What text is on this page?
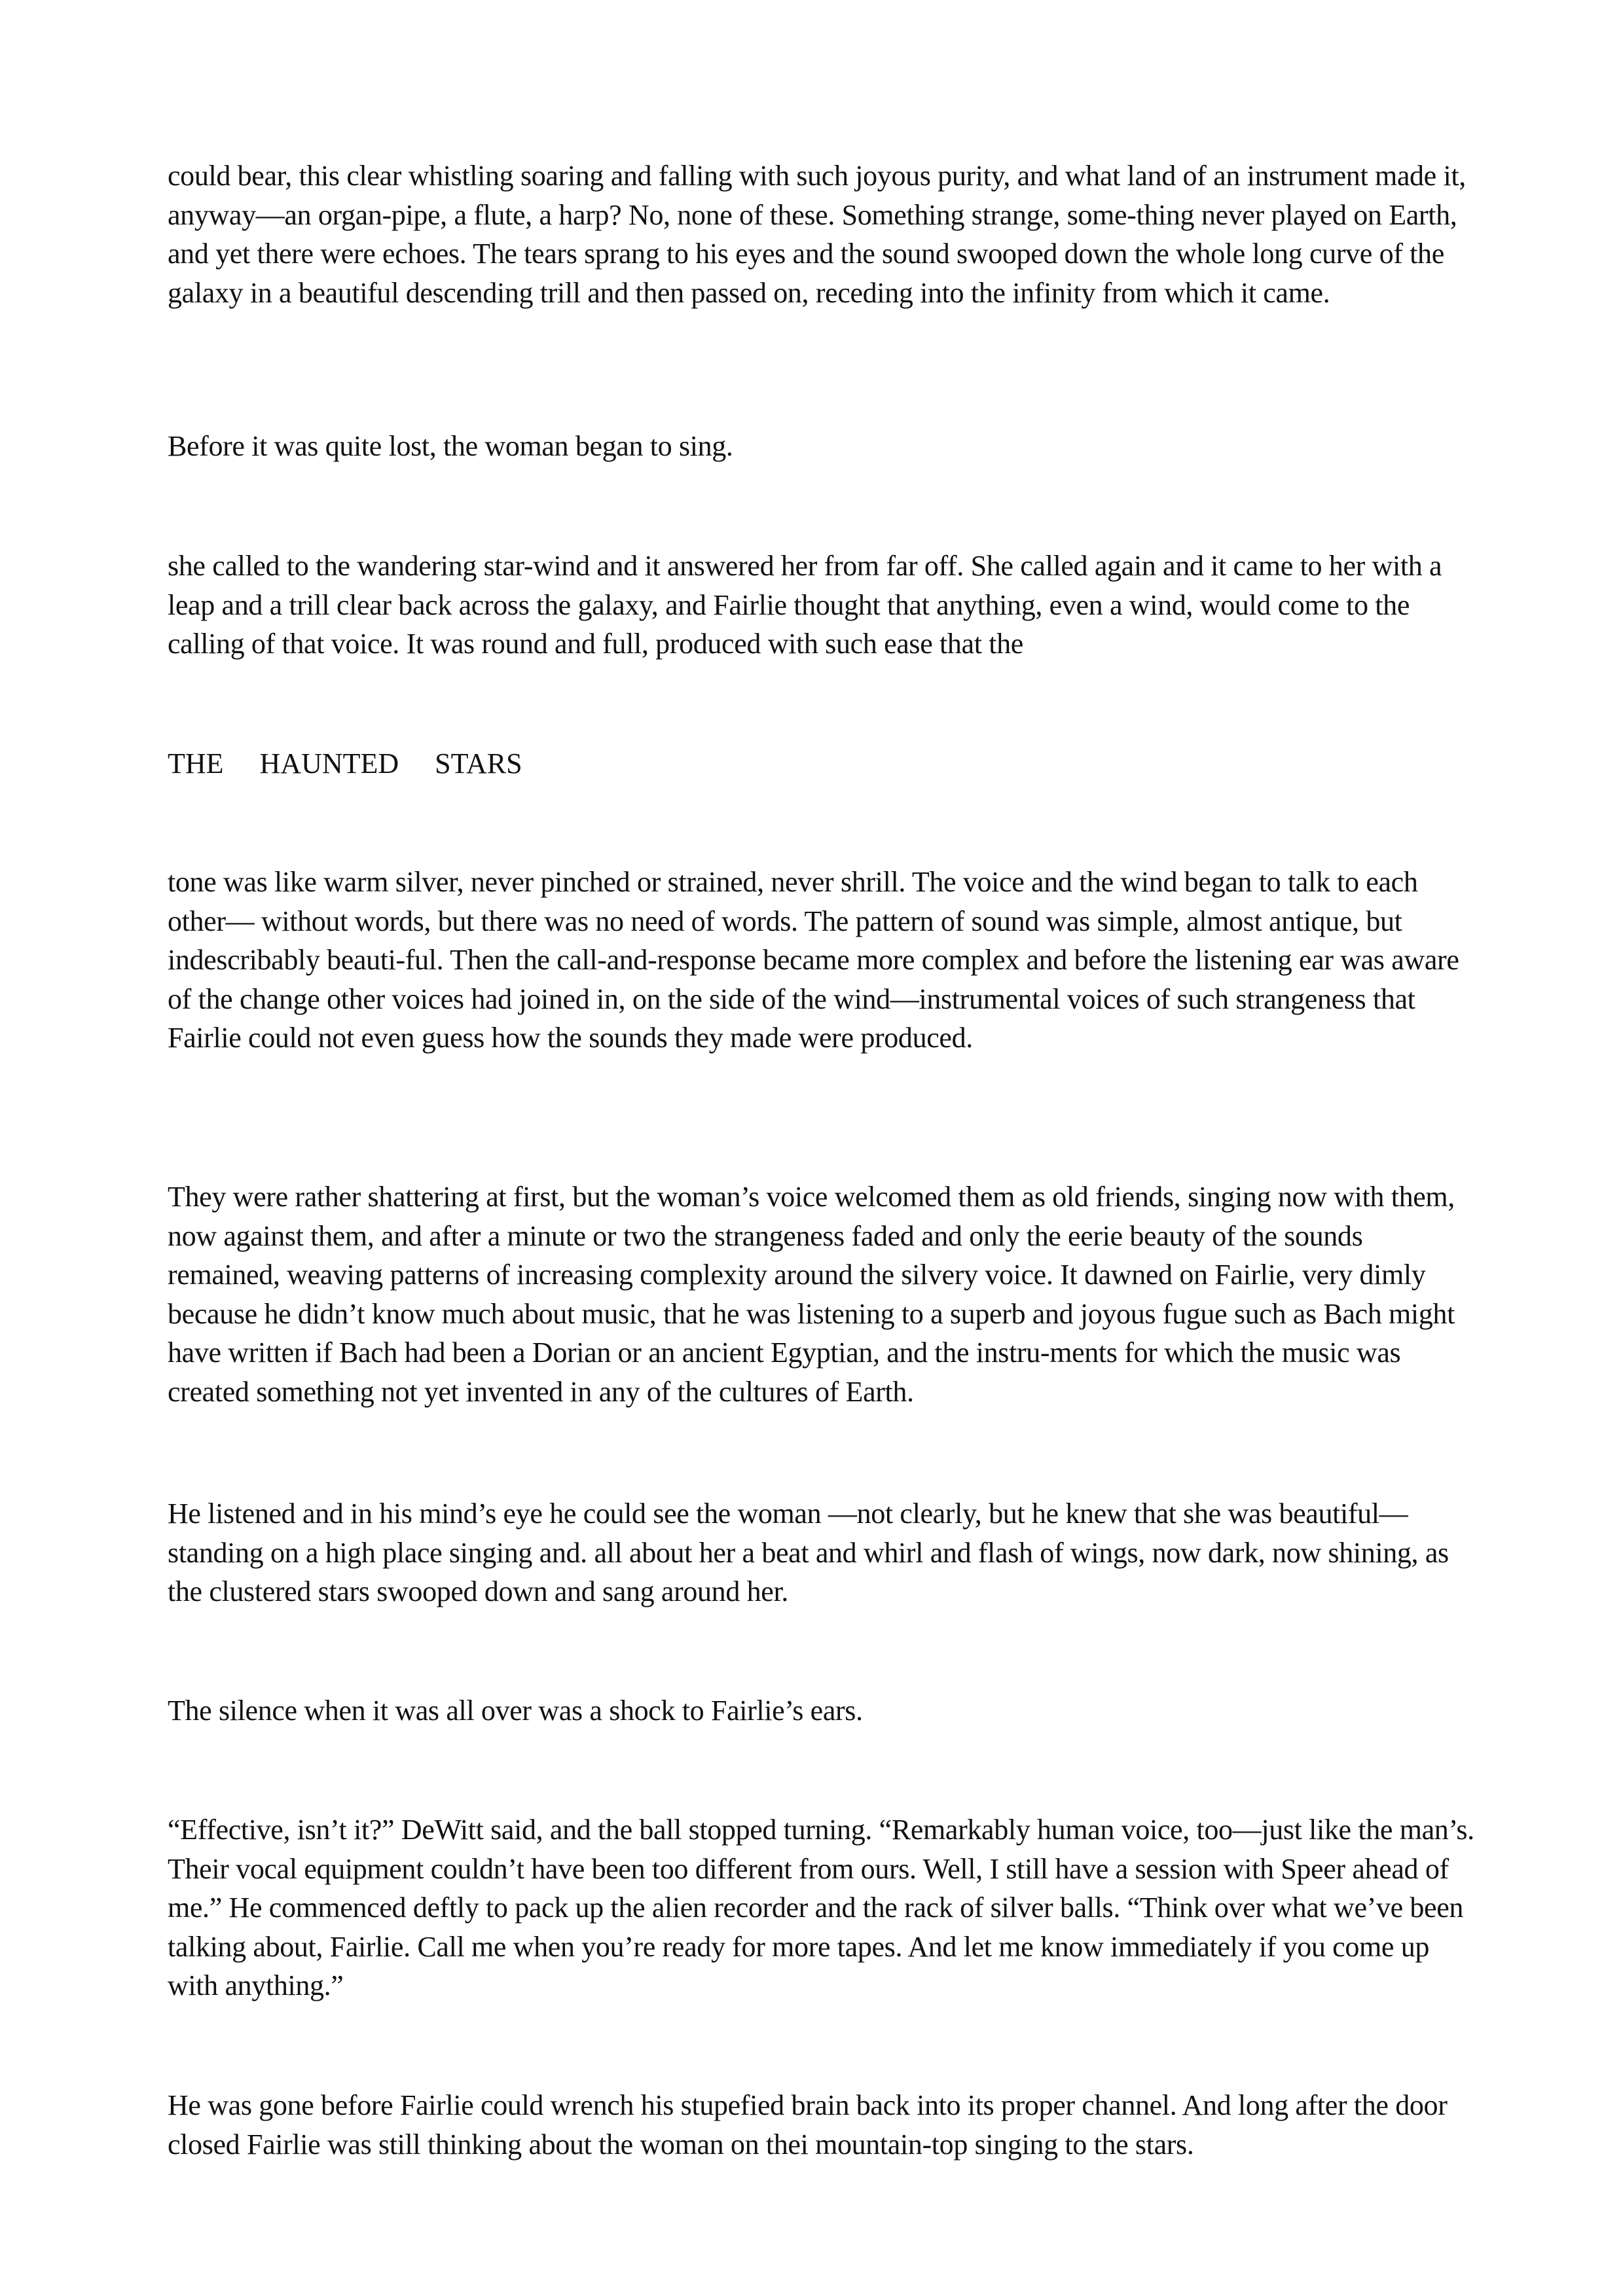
could bear, this clear whistling soaring and falling with such joyous purity, and what land of an instrument made it, anyway—an organ-pipe, a flute, a harp? No, none of these. Something strange, some-thing never played on Earth, and yet there were echoes. The tears sprang to his eyes and the sound swooped down the whole long curve of the galaxy in a beautiful descending trill and then passed on, receding into the infinity from which it came.

Before it was quite lost, the woman began to sing.

she called to the wandering star-wind and it answered her from far off. She called again and it came to her with a leap and a trill clear back across the galaxy, and Fairlie thought that anything, even a wind, would come to the calling of that voice. It was round and full, produced with such ease that the

THE HAUNTED STARS

tone was like warm silver, never pinched or strained, never shrill. The voice and the wind began to talk to each other— without words, but there was no need of words. The pattern of sound was simple, almost antique, but indescribably beauti-ful. Then the call-and-response became more complex and before the listening ear was aware of the change other voices had joined in, on the side of the wind—instrumental voices of such strangeness that Fairlie could not even guess how the sounds they made were produced.

They were rather shattering at first, but the woman’s voice welcomed them as old friends, singing now with them, now against them, and after a minute or two the strangeness faded and only the eerie beauty of the sounds remained, weaving patterns of increasing complexity around the silvery voice. It dawned on Fairlie, very dimly because he didn’t know much about music, that he was listening to a superb and joyous fugue such as Bach might have written if Bach had been a Dorian or an ancient Egyptian, and the instru-ments for which the music was created something not yet invented in any of the cultures of Earth.

He listened and in his mind’s eye he could see the woman —not clearly, but he knew that she was beautiful—standing on a high place singing and. all about her a beat and whirl and flash of wings, now dark, now shining, as the clustered stars swooped down and sang around her.

The silence when it was all over was a shock to Fairlie’s ears.

“Effective, isn’t it?” DeWitt said, and the ball stopped turning. “Remarkably human voice, too—just like the man’s. Their vocal equipment couldn’t have been too different from ours. Well, I still have a session with Speer ahead of me.” He commenced deftly to pack up the alien recorder and the rack of silver balls. “Think over what we’ve been talking about, Fairlie. Call me when you’re ready for more tapes. And let me know immediately if you come up with anything.”

He was gone before Fairlie could wrench his stupefied brain back into its proper channel. And long after the door closed Fairlie was still thinking about the woman on thei mountain-top singing to the stars.
